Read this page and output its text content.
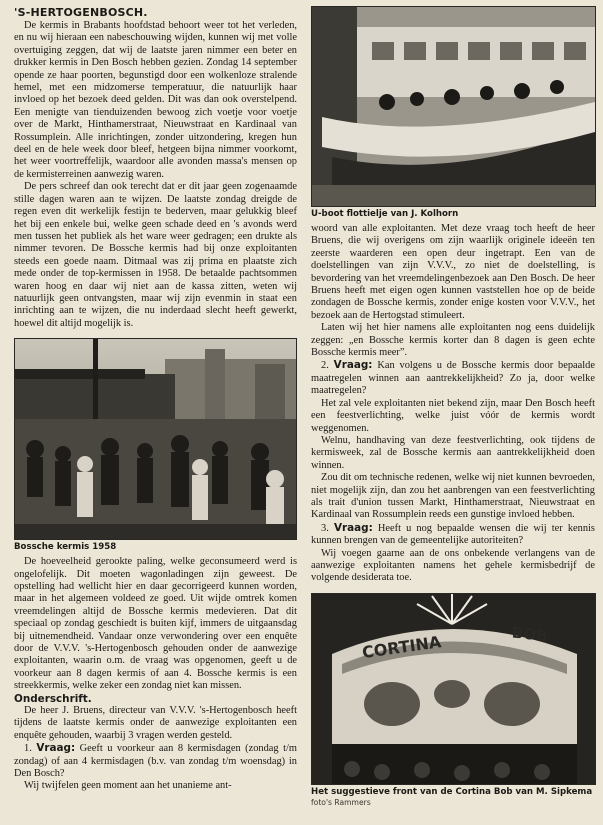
'S-HERTOGENBOSCH.

De kermis in Brabants hoofdstad behoort weer tot het verleden, en nu wij hieraan een nabeschouwing wijden, kunnen wij met volle overtuiging zeggen, dat wij de laatste jaren nimmer een beter en drukker kermis in Den Bosch hebben gezien. Zondag 14 september opende ze haar poorten, begunstigd door een wolkenloze stralende hemel, met een midzomerse temperatuur, die natuurlijk haar invloed op het bezoek deed gelden. Dit was dan ook overstelpend. Een menigte van tienduizenden bewoog zich voetje voor voetje over de Markt, Hinthamerstraat, Nieuwstraat en Kardinaal van Rossumplein. Alle inrichtingen, zonder uitzondering, kregen hun deel en de hele week door bleef, hetgeen bijna nimmer voorkomt, het weer voortreffelijk, waardoor alle avonden massa's mensen op de kermisterreinen aanwezig waren.

De pers schreef dan ook terecht dat er dit jaar geen zogenaamde stille dagen waren aan te wijzen. De laatste zondag dreigde de regen even dit werkelijk festijn te bederven, maar gelukkig bleef het bij een enkele bui, welke geen schade deed en 's avonds werd men tussen het publiek als het ware weer gedragen; een drukte als nimmer tevoren. De Bossche kermis had bij onze exploitanten steeds een goede naam. Ditmaal was zij prima en plaatste zich mede onder de top-kermissen in 1958. De betaalde pachtsommen waren hoog en daar wij niet aan de kassa zitten, weten wij natuurlijk geen ontvangsten, maar wij zijn evenmin in staat een inrichting aan te wijzen, die nu inderdaad slecht heeft gewerkt, hoewel dit altijd mogelijk is.

Bossche kermis 1958

De hoeveelheid gerookte paling, welke geconsumeerd werd is ongelofelijk. Dit moeten wagonladingen zijn geweest. De opstelling had wellicht hier en daar gecorrigeerd kunnen worden, maar in het algemeen voldeed ze goed. Uit wijde omtrek komen vreemdelingen altijd de Bossche kermis medevieren. Dat dit speciaal op zondag geschiedt is buiten kijf, immers de uitgaansdag bij uitnemendheid. Vandaar onze verwondering over een enquête door de V.V.V. 's-Hertogenbosch gehouden onder de aanwezige exploitanten, waarin o.m. de vraag was opgenomen, geeft u de voorkeur aan 8 dagen kermis of aan 4. Bossche kermis is een streekkermis, welke zeker een zondag niet kan missen.

Onderschrift.

De heer J. Bruens, directeur van V.V.V. 's-Hertogenbosch heeft tijdens de laatste kermis onder de aanwezige exploitanten een enquête gehouden, waarbij 3 vragen werden gesteld.

1. Vraag: Geeft u voorkeur aan 8 kermisdagen (zondag t/m zondag) of aan 4 kermisdagen (b.v. van zondag t/m woensdag) in Den Bosch?

Wij twijfelen geen moment aan het unanieme ant-

U-boot flottielje van J. Kolhorn

woord van alle exploitanten. Met deze vraag toch heeft de heer Bruens, die wij overigens om zijn waarlijk originele ideeën ten zeerste waarderen een open deur ingetrapt. Een van de doelstellingen van zijn V.V.V., zo niet de doelstelling, is bevordering van het vreemdelingenbezoek aan Den Bosch. De heer Bruens heeft met eigen ogen kunnen vaststellen hoe op de beide zondagen de Bossche kermis, zonder enige kosten voor V.V.V., het bezoek aan de Hertogstad stimuleert.

Laten wij het hier namens alle exploitanten nog eens duidelijk zeggen: „en Bossche kermis korter dan 8 dagen is geen echte Bossche kermis meer”.

2. Vraag: Kan volgens u de Bossche kermis door bepaalde maatregelen winnen aan aantrekkelijkheid? Zo ja, door welke maatregelen?

Het zal vele exploitanten niet bekend zijn, maar Den Bosch heeft een feestverlichting, welke juist vóór de kermis wordt weggenomen.

Welnu, handhaving van deze feestverlichting, ook tijdens de kermisweek, zal de Bossche kermis aan aantrekkelijkheid doen winnen.

Zou dit om technische redenen, welke wij niet kunnen bevroeden, niet mogelijk zijn, dan zou het aanbrengen van een feestverlichting als trait d'union tussen Markt, Hinthamerstraat, Nieuwstraat en Kardinaal van Rossumplein reeds een gunstige invloed hebben.

3. Vraag: Heeft u nog bepaalde wensen die wij ter kennis kunnen brengen van de gemeentelijke autoriteiten?

Wij voegen gaarne aan de ons onbekende verlangens van de aanwezige exploitanten namens het gehele kermisbedrijf de volgende desiderata toe.

CORTINA	BOB
Het suggestieve front van de Cortina Bob van M. Sipkema
foto's Rammers
